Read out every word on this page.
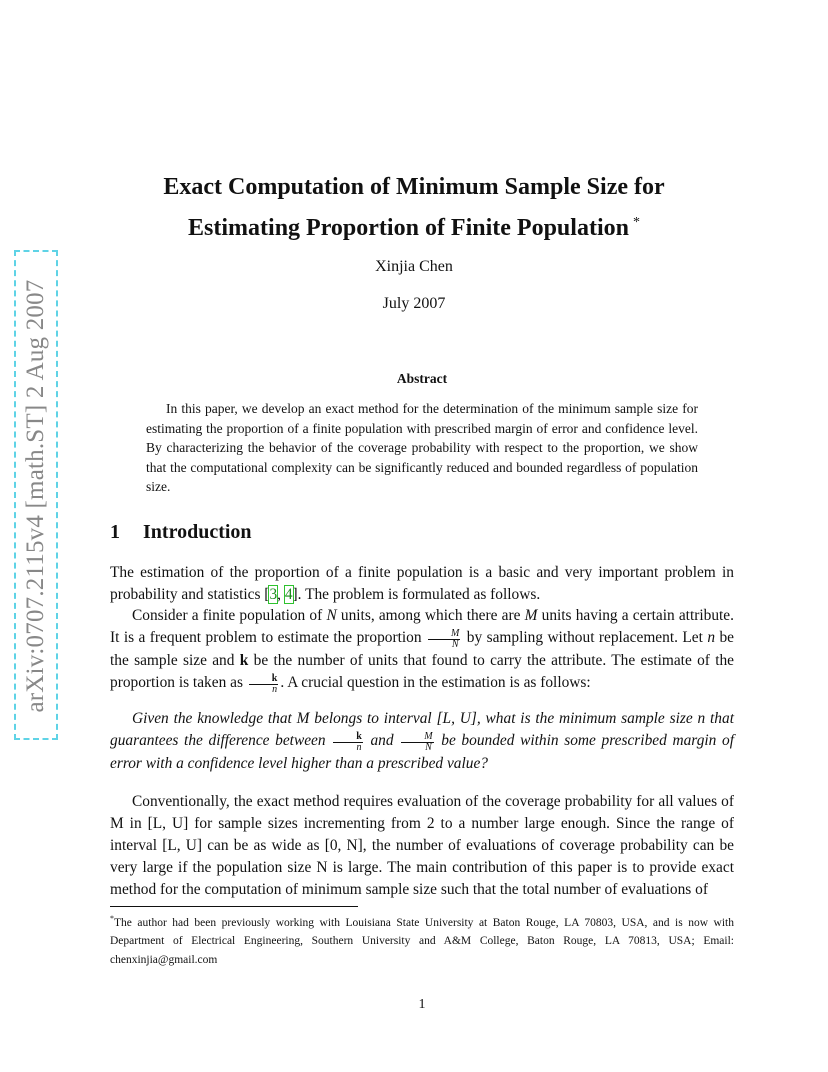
arXiv:0707.2115v4 [math.ST] 2 Aug 2007
Exact Computation of Minimum Sample Size for
Estimating Proportion of Finite Population *
Xinjia Chen
July 2007
Abstract
In this paper, we develop an exact method for the determination of the minimum sample size for estimating the proportion of a finite population with prescribed margin of error and confidence level. By characterizing the behavior of the coverage probability with respect to the proportion, we show that the computational complexity can be significantly reduced and bounded regardless of population size.
1 Introduction
The estimation of the proportion of a finite population is a basic and very important problem in probability and statistics [3, 4]. The problem is formulated as follows.
Consider a finite population of N units, among which there are M units having a certain attribute. It is a frequent problem to estimate the proportion $\frac{M}{N}$ by sampling without replacement. Let n be the sample size and k be the number of units that found to carry the attribute. The estimate of the proportion is taken as $\frac{k}{n}$ . A crucial question in the estimation is as follows:
Given the knowledge that M belongs to interval [L, U], what is the minimum sample size n that guarantees the difference between $\frac{k}{n}$ and $\frac{M}{N}$ be bounded within some prescribed margin of error with a confidence level higher than a prescribed value?
Conventionally, the exact method requires evaluation of the coverage probability for all values of M in [L, U] for sample sizes incrementing from 2 to a number large enough. Since the range of interval [L, U] can be as wide as [0, N], the number of evaluations of coverage probability can be very large if the population size N is large. The main contribution of this paper is to provide exact method for the computation of minimum sample size such that the total number of evaluations of
*The author had been previously working with Louisiana State University at Baton Rouge, LA 70803, USA, and is now with Department of Electrical Engineering, Southern University and A&M College, Baton Rouge, LA 70813, USA; Email: chenxinjia@gmail.com
1
